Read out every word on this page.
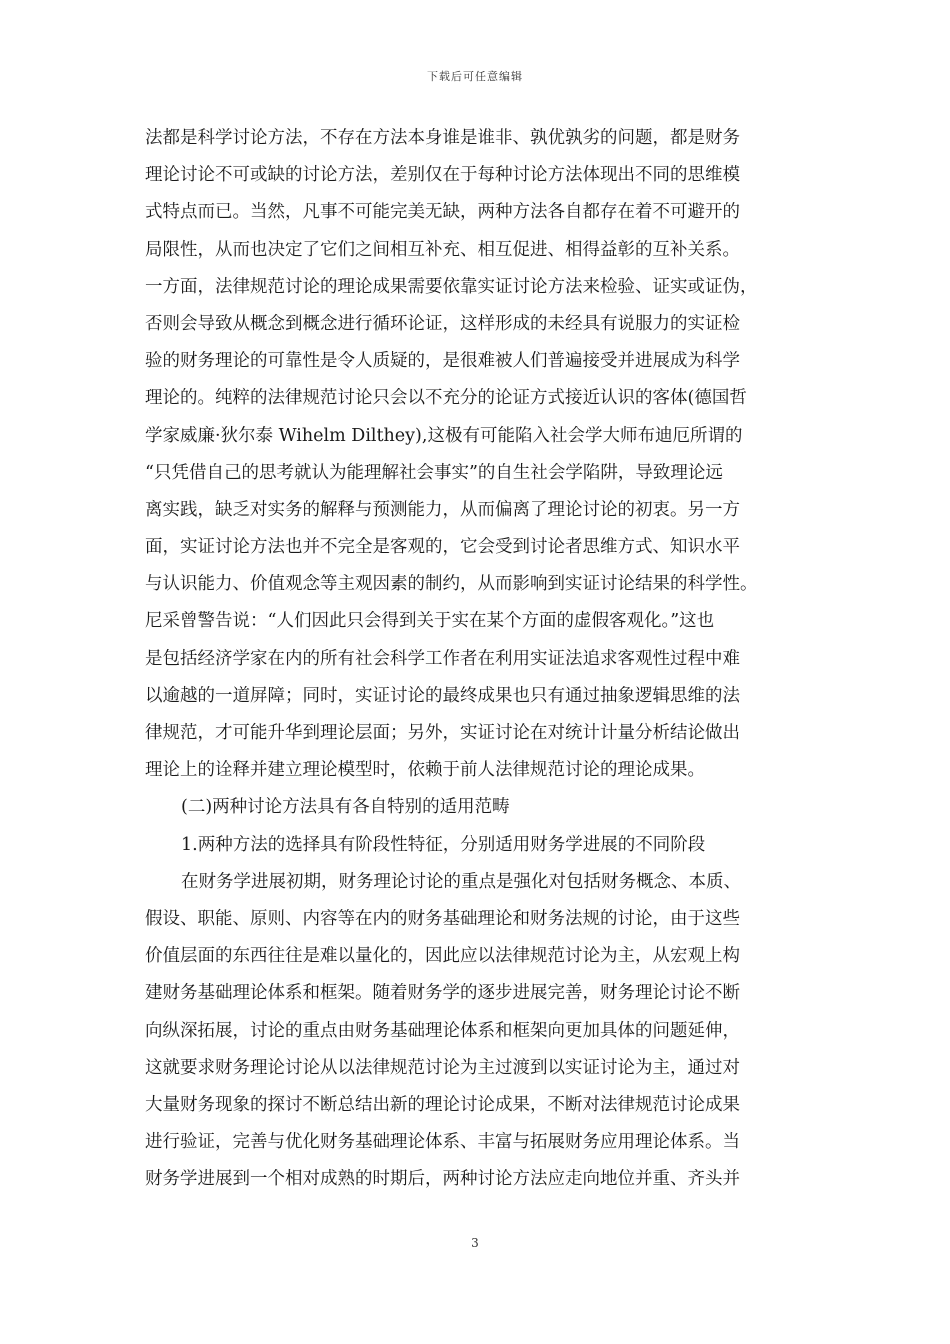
下载后可任意编辑
法都是科学讨论方法，不存在方法本身谁是谁非、孰优孰劣的问题，都是财务
理论讨论不可或缺的讨论方法，差别仅在于每种讨论方法体现出不同的思维模
式特点而已。当然，凡事不可能完美无缺，两种方法各自都存在着不可避开的
局限性，从而也决定了它们之间相互补充、相互促进、相得益彰的互补关系。
一方面，法律规范讨论的理论成果需要依靠实证讨论方法来检验、证实或证伪，
否则会导致从概念到概念进行循环论证，这样形成的未经具有说服力的实证检
验的财务理论的可靠性是令人质疑的，是很难被人们普遍接受并进展成为科学
理论的。纯粹的法律规范讨论只会以不充分的论证方式接近认识的客体(德国哲
学家威廉·狄尔泰 Wihelm Dilthey),这极有可能陷入社会学大师布迪厄所谓的
“只凭借自己的思考就认为能理解社会事实”的自生社会学陷阱，导致理论远
离实践，缺乏对实务的解释与预测能力，从而偏离了理论讨论的初衷。另一方
面，实证讨论方法也并不完全是客观的，它会受到讨论者思维方式、知识水平
与认识能力、价值观念等主观因素的制约，从而影响到实证讨论结果的科学性。
尼采曾警告说：“人们因此只会得到关于实在某个方面的虚假客观化。”这也
是包括经济学家在内的所有社会科学工作者在利用实证法追求客观性过程中难
以逾越的一道屏障；同时，实证讨论的最终成果也只有通过抽象逻辑思维的法
律规范，才可能升华到理论层面；另外，实证讨论在对统计计量分析结论做出
理论上的诠释并建立理论模型时，依赖于前人法律规范讨论的理论成果。
(二)两种讨论方法具有各自特别的适用范畴
1.两种方法的选择具有阶段性特征，分别适用财务学进展的不同阶段
在财务学进展初期，财务理论讨论的重点是强化对包括财务概念、本质、
假设、职能、原则、内容等在内的财务基础理论和财务法规的讨论，由于这些
价值层面的东西往往是难以量化的，因此应以法律规范讨论为主，从宏观上构
建财务基础理论体系和框架。随着财务学的逐步进展完善，财务理论讨论不断
向纵深拓展，讨论的重点由财务基础理论体系和框架向更加具体的问题延伸，
这就要求财务理论讨论从以法律规范讨论为主过渡到以实证讨论为主，通过对
大量财务现象的探讨不断总结出新的理论讨论成果，不断对法律规范讨论成果
进行验证，完善与优化财务基础理论体系、丰富与拓展财务应用理论体系。当
财务学进展到一个相对成熟的时期后，两种讨论方法应走向地位并重、齐头并
3
